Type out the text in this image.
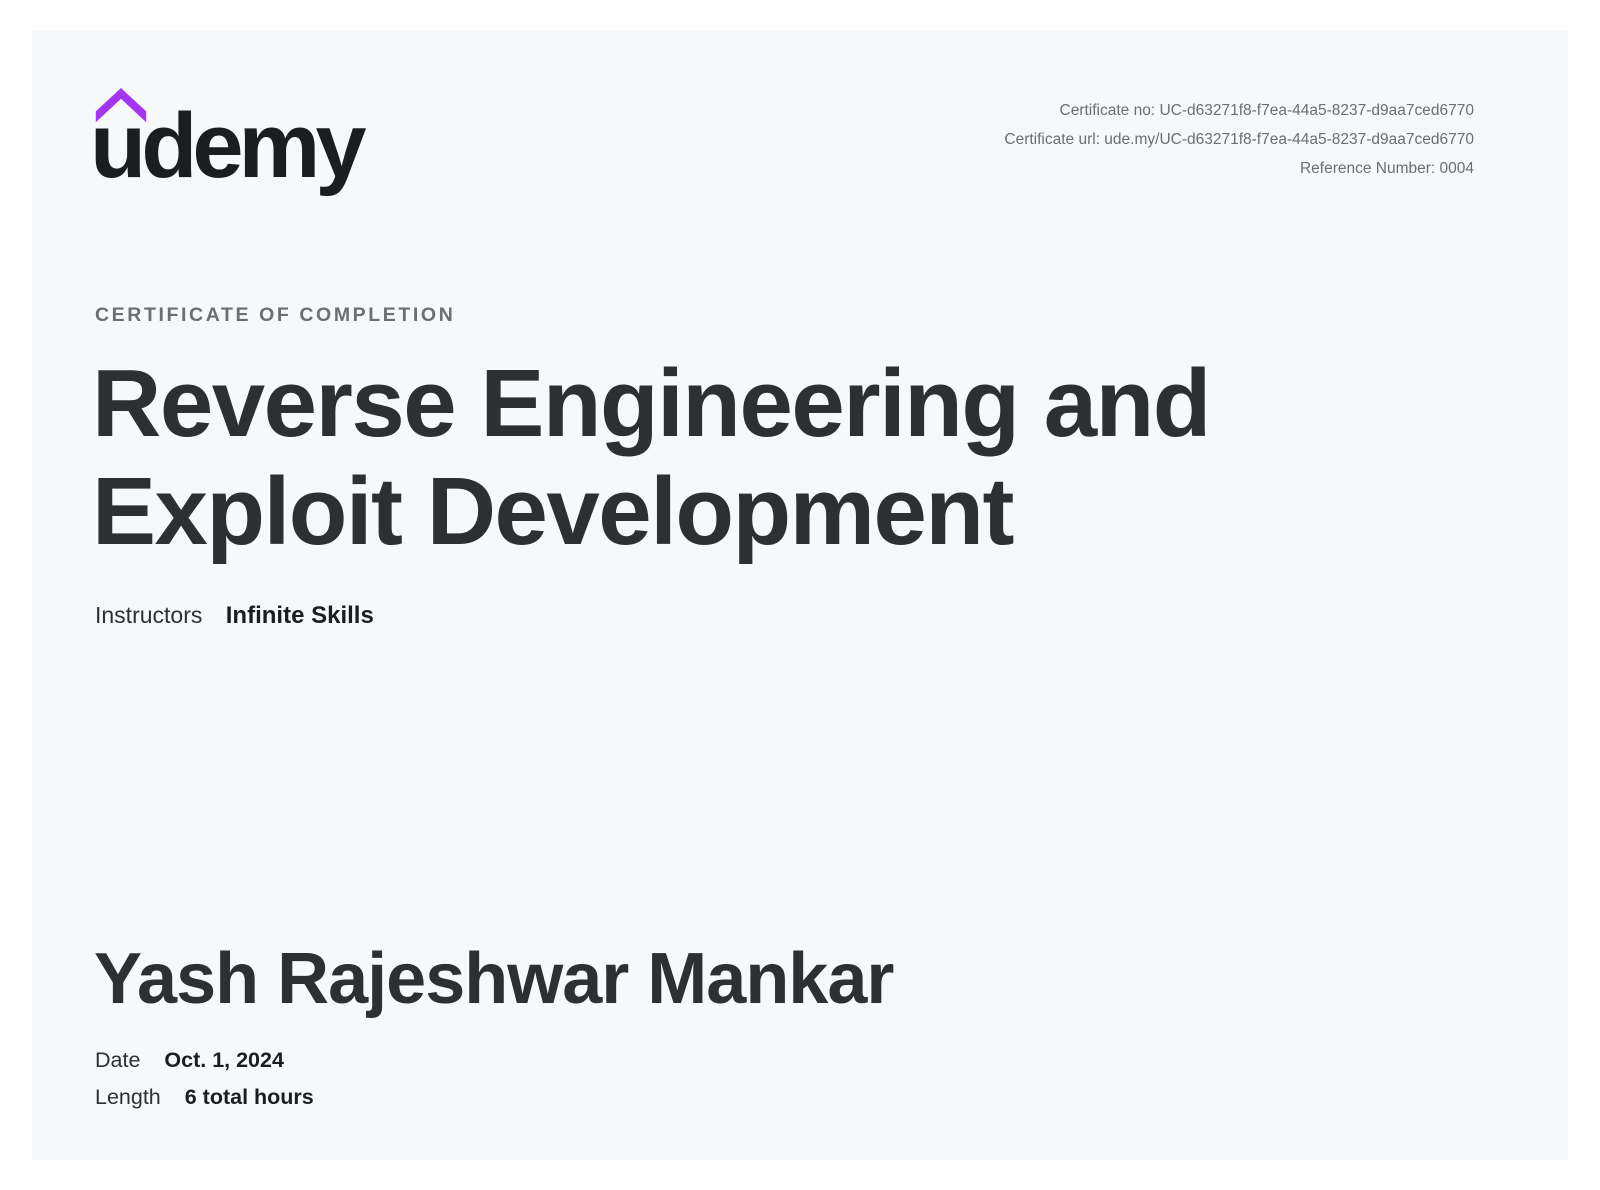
udemy	Certificate no: UC-d63271f8-f7ea-44a5-8237-d9aa7ced6770
Certificate url: ude.my/UC-d63271f8-f7ea-44a5-8237-d9aa7ced6770
Reference Number: 0004
CERTIFICATE OF COMPLETION
Reverse Engineering and Exploit Development
Instructors Infinite Skills
Yash Rajeshwar Mankar
Date Oct. 1, 2024
Length 6 total hours
